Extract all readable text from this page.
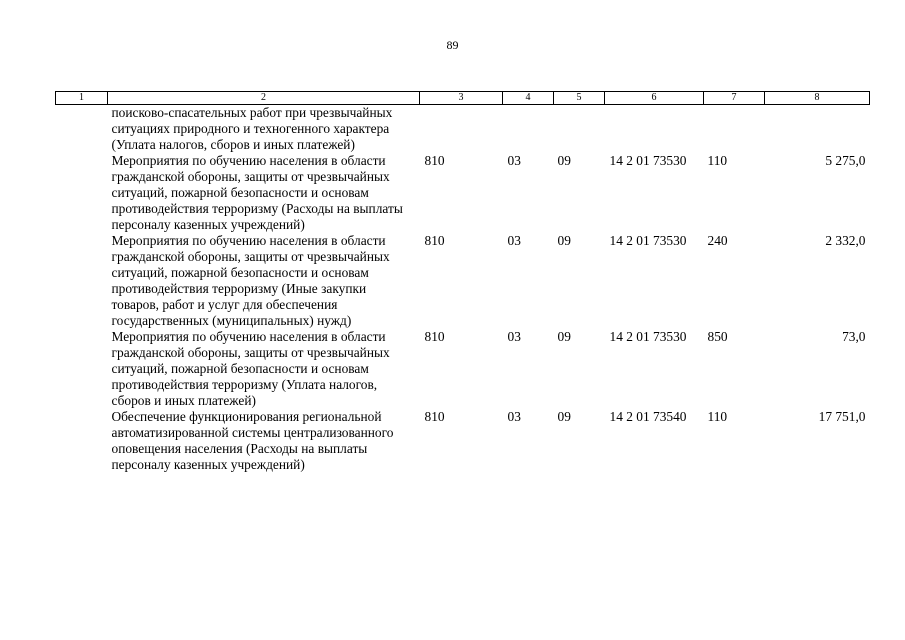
89
1	2	3	4	5	6	7	8
	поисково-спасательных работ при чрезвычайных ситуациях природного и техногенного характера (Уплата налогов, сборов и иных платежей)						
	Мероприятия по обучению населения в области гражданской обороны, защиты от чрезвычайных ситуаций, пожарной безопасности и основам противодействия терроризму (Расходы на выплаты персоналу казенных учреждений)	810	03	09	14 2 01 73530	110	5 275,0
	Мероприятия по обучению населения в области гражданской обороны, защиты от чрезвычайных ситуаций, пожарной безопасности и основам противодействия терроризму (Иные закупки товаров, работ и услуг для обеспечения государственных (муниципальных) нужд)	810	03	09	14 2 01 73530	240	2 332,0
	Мероприятия по обучению населения в области гражданской обороны, защиты от чрезвычайных ситуаций, пожарной безопасности и основам противодействия терроризму (Уплата налогов, сборов и иных платежей)	810	03	09	14 2 01 73530	850	73,0
	Обеспечение функционирования региональной автоматизированной системы централизованного оповещения населения (Расходы на выплаты персоналу казенных учреждений)	810	03	09	14 2 01 73540	110	17 751,0
